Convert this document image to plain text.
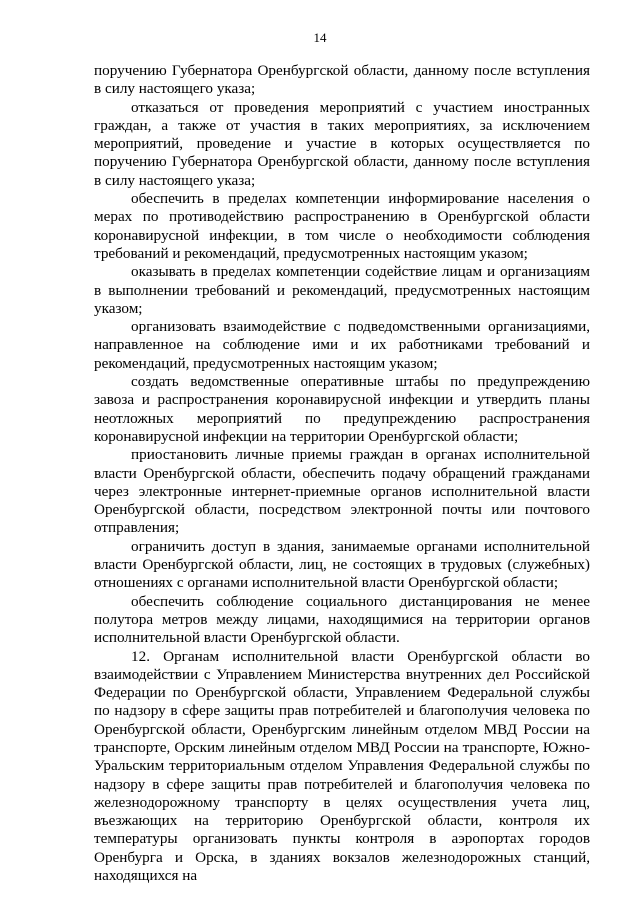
14

поручению Губернатора Оренбургской области, данному после вступления в силу настоящего указа;

отказаться от проведения мероприятий с участием иностранных граждан, а также от участия в таких мероприятиях, за исключением мероприятий, проведение и участие в которых осуществляется по поручению Губернатора Оренбургской области, данному после вступления в силу настоящего указа;

обеспечить в пределах компетенции информирование населения о мерах по противодействию распространению в Оренбургской области коронавирусной инфекции, в том числе о необходимости соблюдения требований и рекомендаций, предусмотренных настоящим указом;

оказывать в пределах компетенции содействие лицам и организациям в выполнении требований и рекомендаций, предусмотренных настоящим указом;

организовать взаимодействие с подведомственными организациями, направленное на соблюдение ими и их работниками требований и рекомендаций, предусмотренных настоящим указом;

создать ведомственные оперативные штабы по предупреждению завоза и распространения коронавирусной инфекции и утвердить планы неотложных мероприятий по предупреждению распространения коронавирусной инфекции на территории Оренбургской области;

приостановить личные приемы граждан в органах исполнительной власти Оренбургской области, обеспечить подачу обращений гражданами через электронные интернет-приемные органов исполнительной власти Оренбургской области, посредством электронной почты или почтового отправления;

ограничить доступ в здания, занимаемые органами исполнительной власти Оренбургской области, лиц, не состоящих в трудовых (служебных) отношениях с органами исполнительной власти Оренбургской области;

обеспечить соблюдение социального дистанцирования не менее полутора метров между лицами, находящимися на территории органов исполнительной власти Оренбургской области.

12. Органам исполнительной власти Оренбургской области во взаимодействии с Управлением Министерства внутренних дел Российской Федерации по Оренбургской области, Управлением Федеральной службы по надзору в сфере защиты прав потребителей и благополучия человека по Оренбургской области, Оренбургским линейным отделом МВД России на транспорте, Орским линейным отделом МВД России на транспорте, Южно-Уральским территориальным отделом Управления Федеральной службы по надзору в сфере защиты прав потребителей и благополучия человека по железнодорожному транспорту в целях осуществления учета лиц, въезжающих на территорию Оренбургской области, контроля их температуры организовать пункты контроля в аэропортах городов Оренбурга и Орска, в зданиях вокзалов железнодорожных станций, находящихся на
